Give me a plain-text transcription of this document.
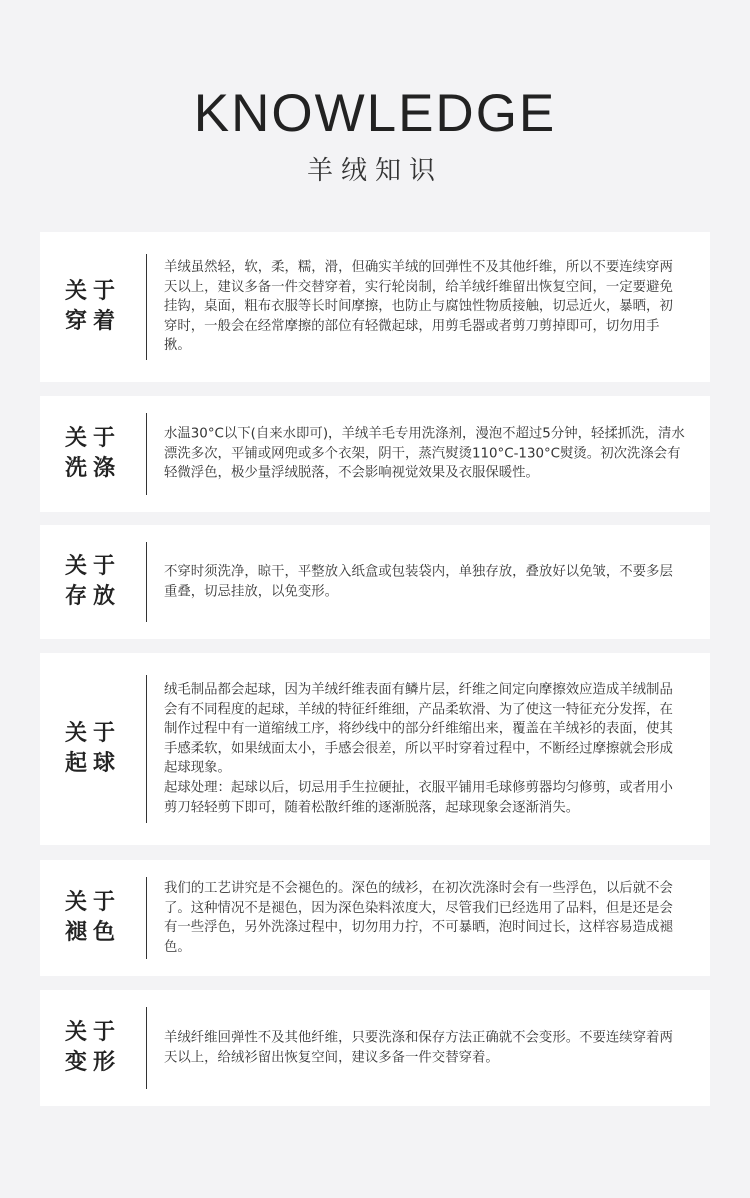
KNOWLEDGE
羊绒知识
关于
穿着

羊绒虽然轻，软，柔，糯，滑，但确实羊绒的回弹性不及其他纤维，所以不要连续穿两天以上，建议多备一件交替穿着，实行轮岗制，给羊绒纤维留出恢复空间，一定要避免挂钩，桌面，粗布衣服等长时间摩擦，也防止与腐蚀性物质接触，切忌近火，暴晒，初穿时，一般会在经常摩擦的部位有轻微起球，用剪毛器或者剪刀剪掉即可，切勿用手揪。

关于
洗涤

水温30°C以下(自来水即可)，羊绒羊毛专用洗涤剂，漫泡不超过5分钟，轻揉抓洗，清水漂洗多次，平铺或网兜或多个衣架，阴干，蒸汽熨烫110°C-130°C熨烫。初次洗涤会有轻微浮色，极少量浮绒脱落，不会影响视觉效果及衣服保暖性。

关于
存放

不穿时须洗净，晾干，平整放入纸盒或包装袋内，单独存放，叠放好以免皱，不要多层重叠，切忌挂放，以免变形。

关于
起球

绒毛制品都会起球，因为羊绒纤维表面有鳞片层，纤维之间定向摩擦效应造成羊绒制品会有不同程度的起球，羊绒的特征纤维细，产品柔软滑、为了使这一特征充分发挥，在制作过程中有一道缩绒工序，将纱线中的部分纤维缩出来，覆盖在羊绒衫的表面，使其手感柔软，如果绒面太小，手感会很差，所以平时穿着过程中，不断经过摩擦就会形成起球现象。

起球处理：起球以后，切忌用手生拉硬扯，衣服平铺用毛球修剪器均匀修剪，或者用小剪刀轻轻剪下即可，随着松散纤维的逐渐脱落，起球现象会逐渐消失。

关于
褪色

我们的工艺讲究是不会褪色的。深色的绒衫，在初次洗涤时会有一些浮色，以后就不会了。这种情况不是褪色，因为深色染料浓度大，尽管我们已经选用了品料，但是还是会有一些浮色，另外洗涤过程中，切勿用力拧，不可暴晒，泡时间过长，这样容易造成褪色。

关于
变形

羊绒纤维回弹性不及其他纤维，只要洗涤和保存方法正确就不会变形。不要连续穿着两天以上，给绒衫留出恢复空间，建议多备一件交替穿着。
